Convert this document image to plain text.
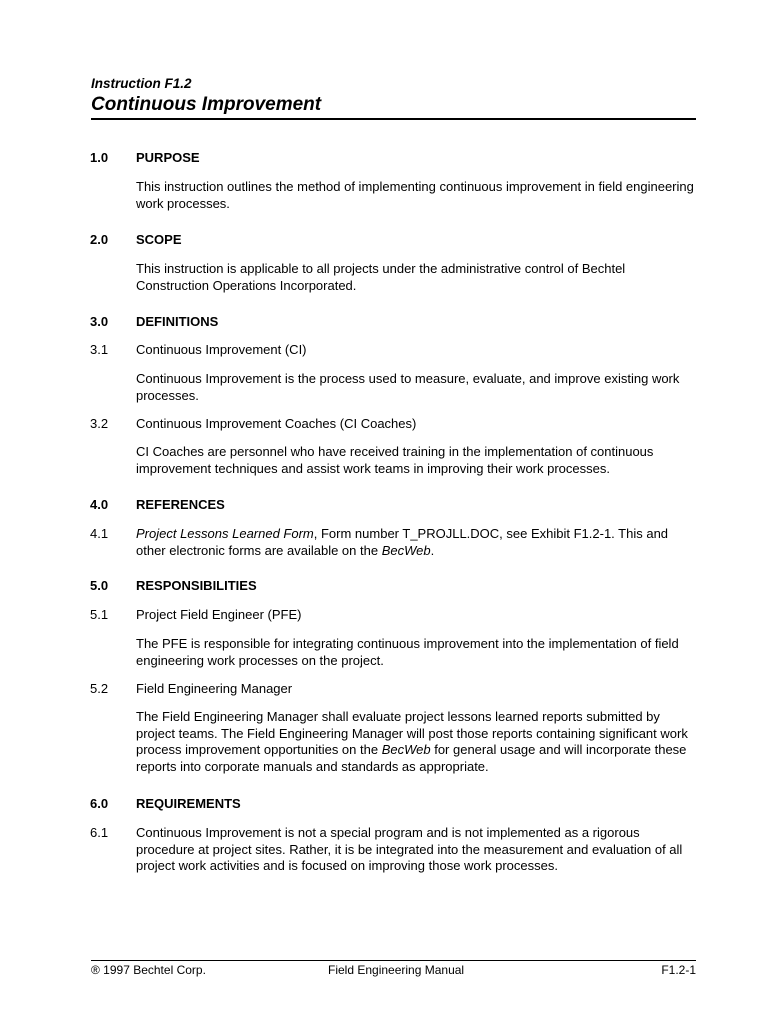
Instruction F1.2
Continuous Improvement
1.0 PURPOSE
This instruction outlines the method of implementing continuous improvement in field engineering work processes.
2.0 SCOPE
This instruction is applicable to all projects under the administrative control of Bechtel Construction Operations Incorporated.
3.0 DEFINITIONS
3.1 Continuous Improvement (CI)
Continuous Improvement is the process used to measure, evaluate, and improve existing work processes.
3.2 Continuous Improvement Coaches (CI Coaches)
CI Coaches are personnel who have received training in the implementation of continuous improvement techniques and assist work teams in improving their work processes.
4.0 REFERENCES
4.1 Project Lessons Learned Form, Form number T_PROJLL.DOC, see Exhibit F1.2-1. This and other electronic forms are available on the BecWeb.
5.0 RESPONSIBILITIES
5.1 Project Field Engineer (PFE)
The PFE is responsible for integrating continuous improvement into the implementation of field engineering work processes on the project.
5.2 Field Engineering Manager
The Field Engineering Manager shall evaluate project lessons learned reports submitted by project teams. The Field Engineering Manager will post those reports containing significant work process improvement opportunities on the BecWeb for general usage and will incorporate these reports into corporate manuals and standards as appropriate.
6.0 REQUIREMENTS
6.1 Continuous Improvement is not a special program and is not implemented as a rigorous procedure at project sites. Rather, it is be integrated into the measurement and evaluation of all project work activities and is focused on improving those work processes.
® 1997 Bechtel Corp.	Field Engineering Manual	F1.2-1
